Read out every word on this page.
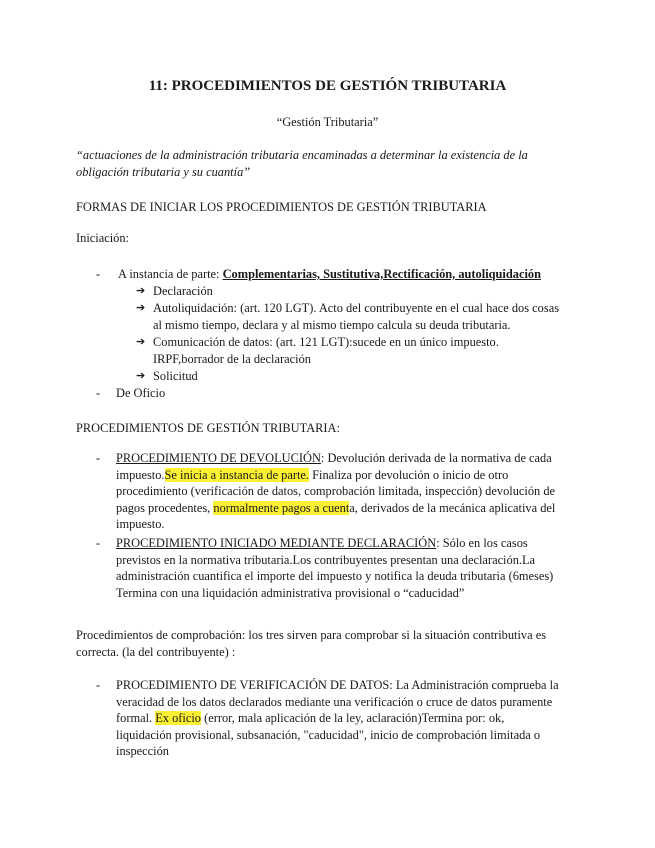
11: PROCEDIMIENTOS DE GESTIÓN TRIBUTARIA
“Gestión Tributaria”

“actuaciones de la administración tributaria encaminadas a determinar la existencia de la

obligación tributaria y su cuantía”

FORMAS DE INICIAR LOS PROCEDIMIENTOS DE GESTIÓN TRIBUTARIA
Iniciación:
- A instancia de parte: Complementarias, Sustitutiva,Rectificación, autoliquidación
➔ Declaración
➔ Autoliquidación: (art. 120 LGT). Acto del contribuyente en el cual hace dos cosas

al mismo tiempo, declara y al mismo tiempo calcula su deuda tributaria.

➔ Comunicación de datos: (art. 121 LGT):sucede en un único impuesto.

IRPF,borrador de la declaración

➔ Solicitud
- De Oficio
PROCEDIMIENTOS DE GESTIÓN TRIBUTARIA:
- PROCEDIMIENTO DE DEVOLUCIÓN: Devolución derivada de la normativa de cada

impuesto.Se inicia a instancia de parte. Finaliza por devolución o inicio de otro

procedimiento (verificación de datos, comprobación limitada, inspección) devolución de

pagos procedentes, normalmente pagos a cuenta, derivados de la mecánica aplicativa del

impuesto.

- PROCEDIMIENTO INICIADO MEDIANTE DECLARACIÓN: Sólo en los casos

previstos en la normativa tributaria.Los contribuyentes presentan una declaración.La

administración cuantifica el importe del impuesto y notifica la deuda tributaria (6meses)

Termina con una liquidación administrativa provisional o “caducidad”

Procedimientos de comprobación: los tres sirven para comprobar si la situación contributiva es

correcta. (la del contribuyente) :

- PROCEDIMIENTO DE VERIFICACIÓN DE DATOS: La Administración comprueba la

veracidad de los datos declarados mediante una verificación o cruce de datos puramente

formal. Ex oficio (error, mala aplicación de la ley, aclaración)Termina por: ok,

liquidación provisional, subsanación, "caducidad", inicio de comprobación limitada o

inspección
